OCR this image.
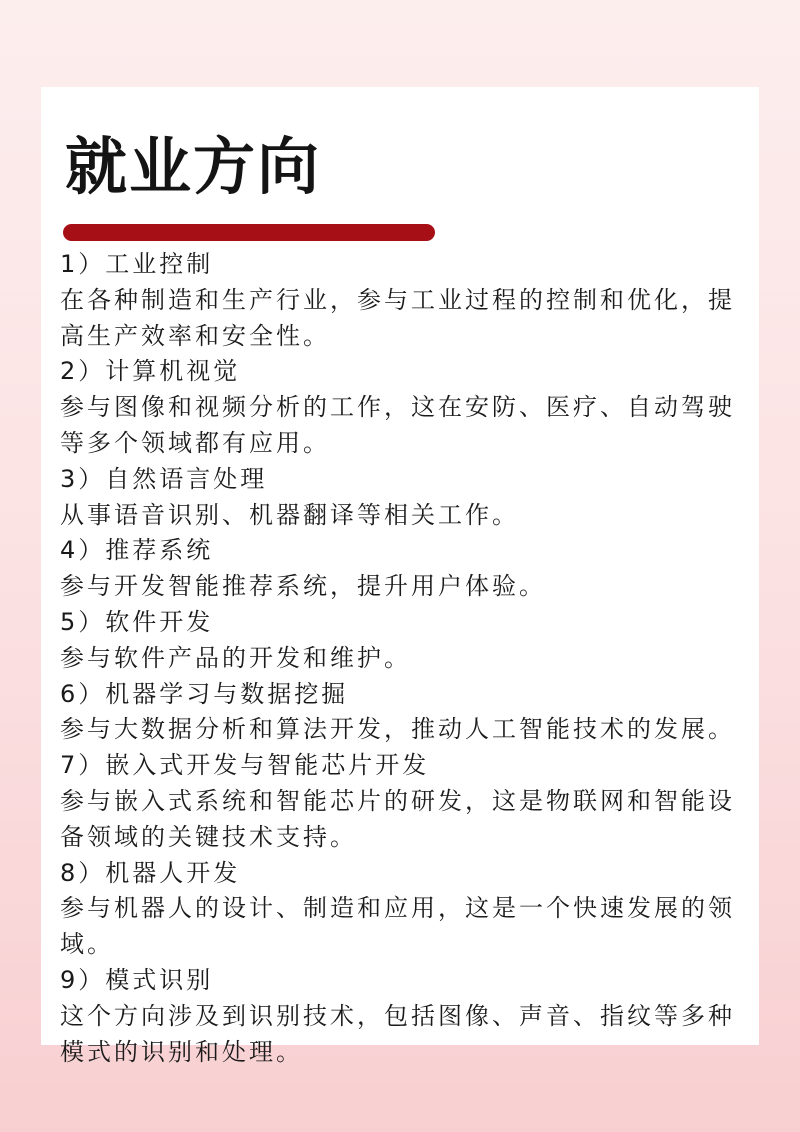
就业方向
1）工业控制
在各种制造和生产行业，参与工业过程的控制和优化，提高生产效率和安全性。
2）计算机视觉
参与图像和视频分析的工作，这在安防、医疗、自动驾驶等多个领域都有应用。
3）自然语言处理
从事语音识别、机器翻译等相关工作。
4）推荐系统
参与开发智能推荐系统，提升用户体验。
5）软件开发
参与软件产品的开发和维护。
6）机器学习与数据挖掘
参与大数据分析和算法开发，推动人工智能技术的发展。
7）嵌入式开发与智能芯片开发
参与嵌入式系统和智能芯片的研发，这是物联网和智能设备领域的关键技术支持。
8）机器人开发
参与机器人的设计、制造和应用，这是一个快速发展的领域。
9）模式识别
这个方向涉及到识别技术，包括图像、声音、指纹等多种模式的识别和处理。
